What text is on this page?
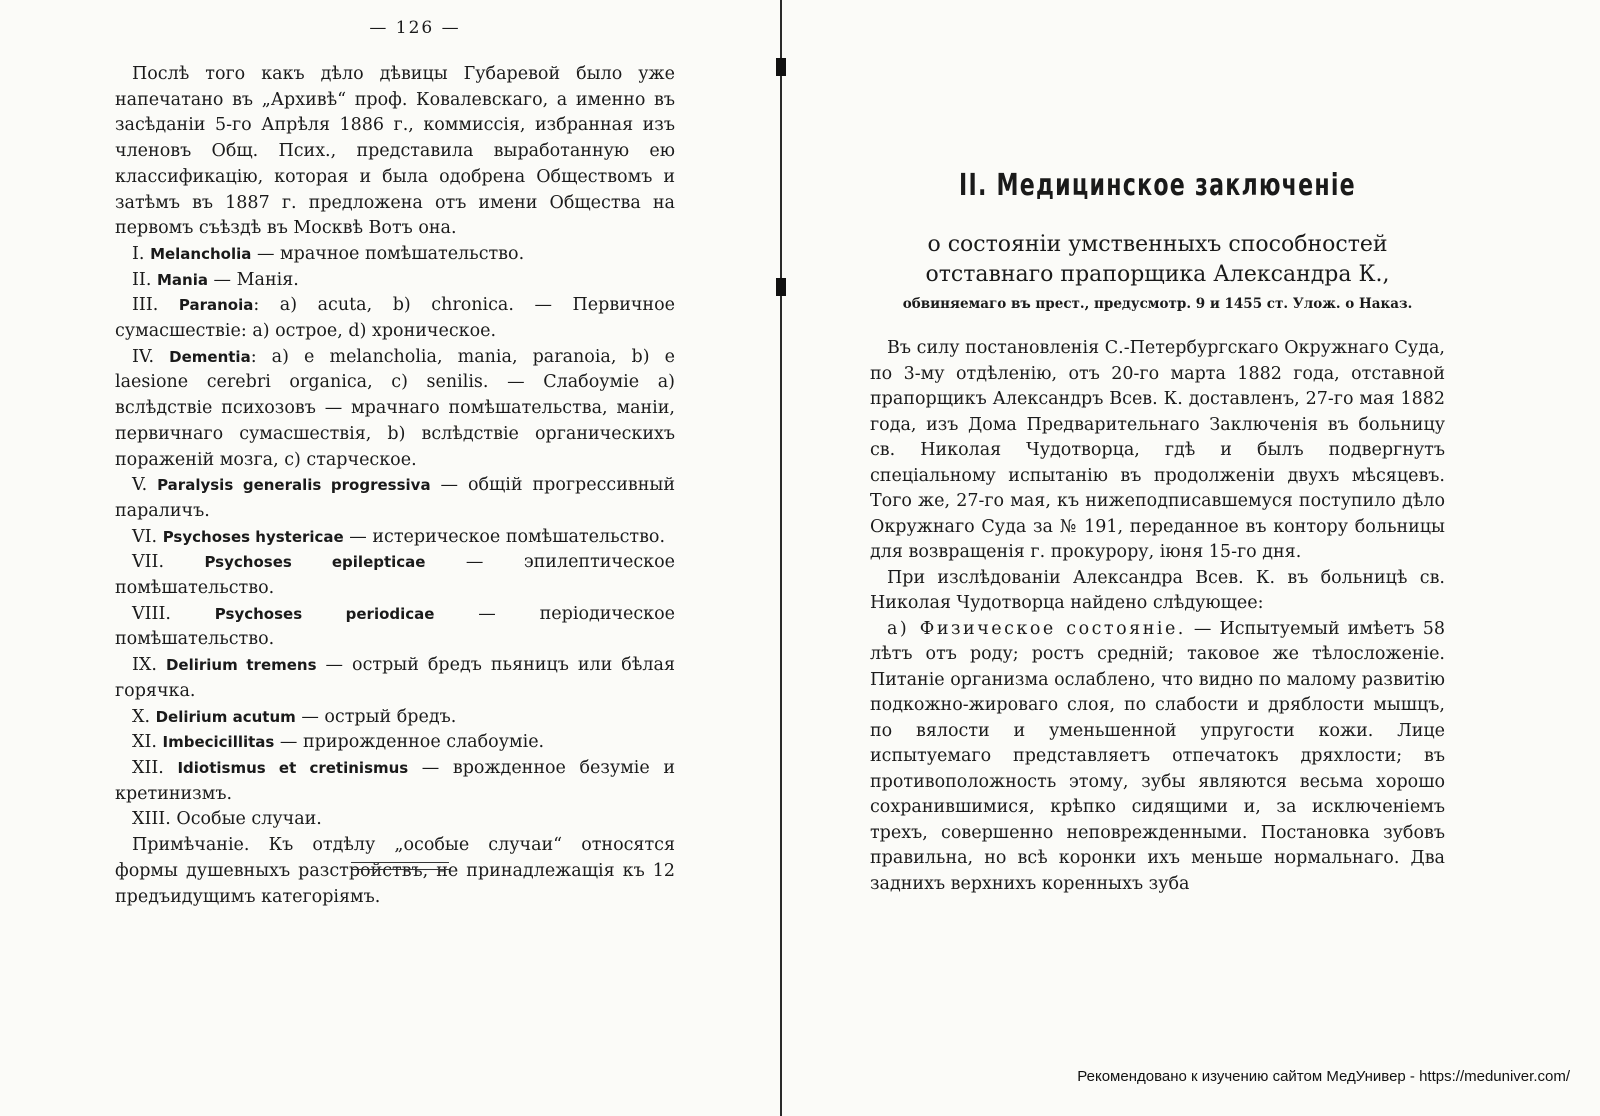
— 126 —

Послѣ того какъ дѣло дѣвицы Губаревой было уже напечатано въ „Архивѣ“ проф. Ковалевскаго, а именно въ засѣданіи 5-го Апрѣля 1886 г., коммиссія, избранная изъ членовъ Общ. Псих., представила выработанную ею классификацію, которая и была одобрена Обществомъ и затѣмъ въ 1887 г. предложена отъ имени Общества на первомъ съѣздѣ въ Москвѣ Вотъ она.

I. Melancholia — мрачное помѣшательство.

II. Mania — Манія.

III. Paranoia: a) acuta, b) chronica. — Первичное сумасшествіе: а) острое, d) хроническое.

IV. Dementia: a) e melancholia, mania, paranoia, b) e laesione cerebri organica, c) senilis. — Слабоуміе а) вслѣдствіе психозовъ — мрачнаго помѣшательства, маніи, первичнаго сумасшествія, b) вслѣдствіе органическихъ пораженій мозга, с) старческое.

V. Paralysis generalis progressiva — общій прогрессивный параличъ.

VI. Psychoses hystericae — истерическое помѣшательство.

VII.	Psychoses epilepticae — эпилептическое помѣшательство.

VIII.	Psychoses periodicae — періодическое помѣшательство.

IX. Delirium tremens — острый бредъ пьяницъ или бѣлая горячка.

X. Delirium acutum — острый бредъ.

XI. Imbecicillitas — прирожденное слабоуміе.

XII. Idiotismus et cretinismus — врожденное безуміе и кретинизмъ.

XIII. Особые случаи.

Примѣчаніе. Къ отдѣлу „особые случаи“ относятся формы душевныхъ разстройствъ, не принадлежащія къ 12 предъидущимъ категоріямъ.

II. Медицинское заключеніе
о состояніи умственныхъ способностей отставнаго прапорщика Александра К.,
обвиняемаго въ прест., предусмотр. 9 и 1455 ст. Улож. о Наказ.

Въ силу постановленія С.-Петербургскаго Окружнаго Суда, по 3-му отдѣленію, отъ 20-го марта 1882 года, отставной прапорщикъ Александръ Всев. К. доставленъ, 27-го мая 1882 года, изъ Дома Предварительнаго Заключенія въ больницу св. Николая Чудотворца, гдѣ и былъ подвергнутъ спеціальному испытанію въ продолженіи двухъ мѣсяцевъ. Того же, 27-го мая, къ нижеподписавшемуся поступило дѣло Окружнаго Суда за № 191, переданное въ контору больницы для возвращенія г. прокурору, іюня 15-го дня.

При изслѣдованіи Александра Всев. К. въ больницѣ св. Николая Чудотворца найдено слѣдующее:

а) Физическое состояніе. — Испытуемый имѣетъ 58 лѣтъ отъ роду; ростъ средній; таковое же тѣлосложеніе. Питаніе организма ослаблено, что видно по малому развитію подкожно-жироваго слоя, по слабости и дряблости мышцъ, по вялости и уменьшенной упругости кожи. Лице испытуемаго представляетъ отпечатокъ дряхлости; въ противоположность этому, зубы являются весьма хорошо сохранившимися, крѣпко сидящими и, за исключеніемъ трехъ, совершенно неповрежденными. Постановка зубовъ правильна, но всѣ коронки ихъ меньше нормальнаго. Два заднихъ верхнихъ коренныхъ зуба

Рекомендовано к изучению сайтом МедУнивер - https://meduniver.com/
